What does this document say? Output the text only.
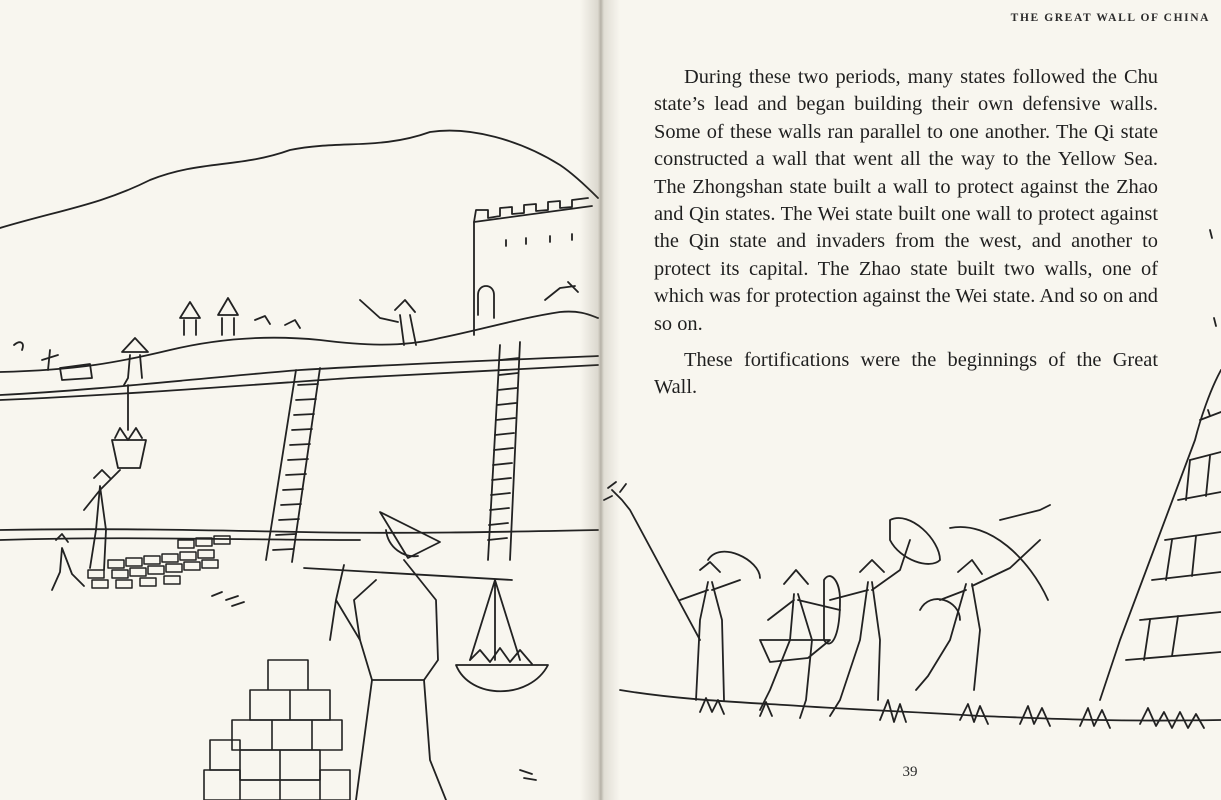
THE GREAT WALL OF CHINA

During these two periods, many states followed the Chu state’s lead and began building their own defensive walls. Some of these walls ran parallel to one another. The Qi state constructed a wall that went all the way to the Yellow Sea. The Zhongshan state built a wall to protect against the Zhao and Qin states. The Wei state built one wall to protect against the Qin state and invaders from the west, and another to protect its capital. The Zhao state built two walls, one of which was for protection against the Wei state. And so on and so on.

These fortifications were the beginnings of the Great Wall.

39
